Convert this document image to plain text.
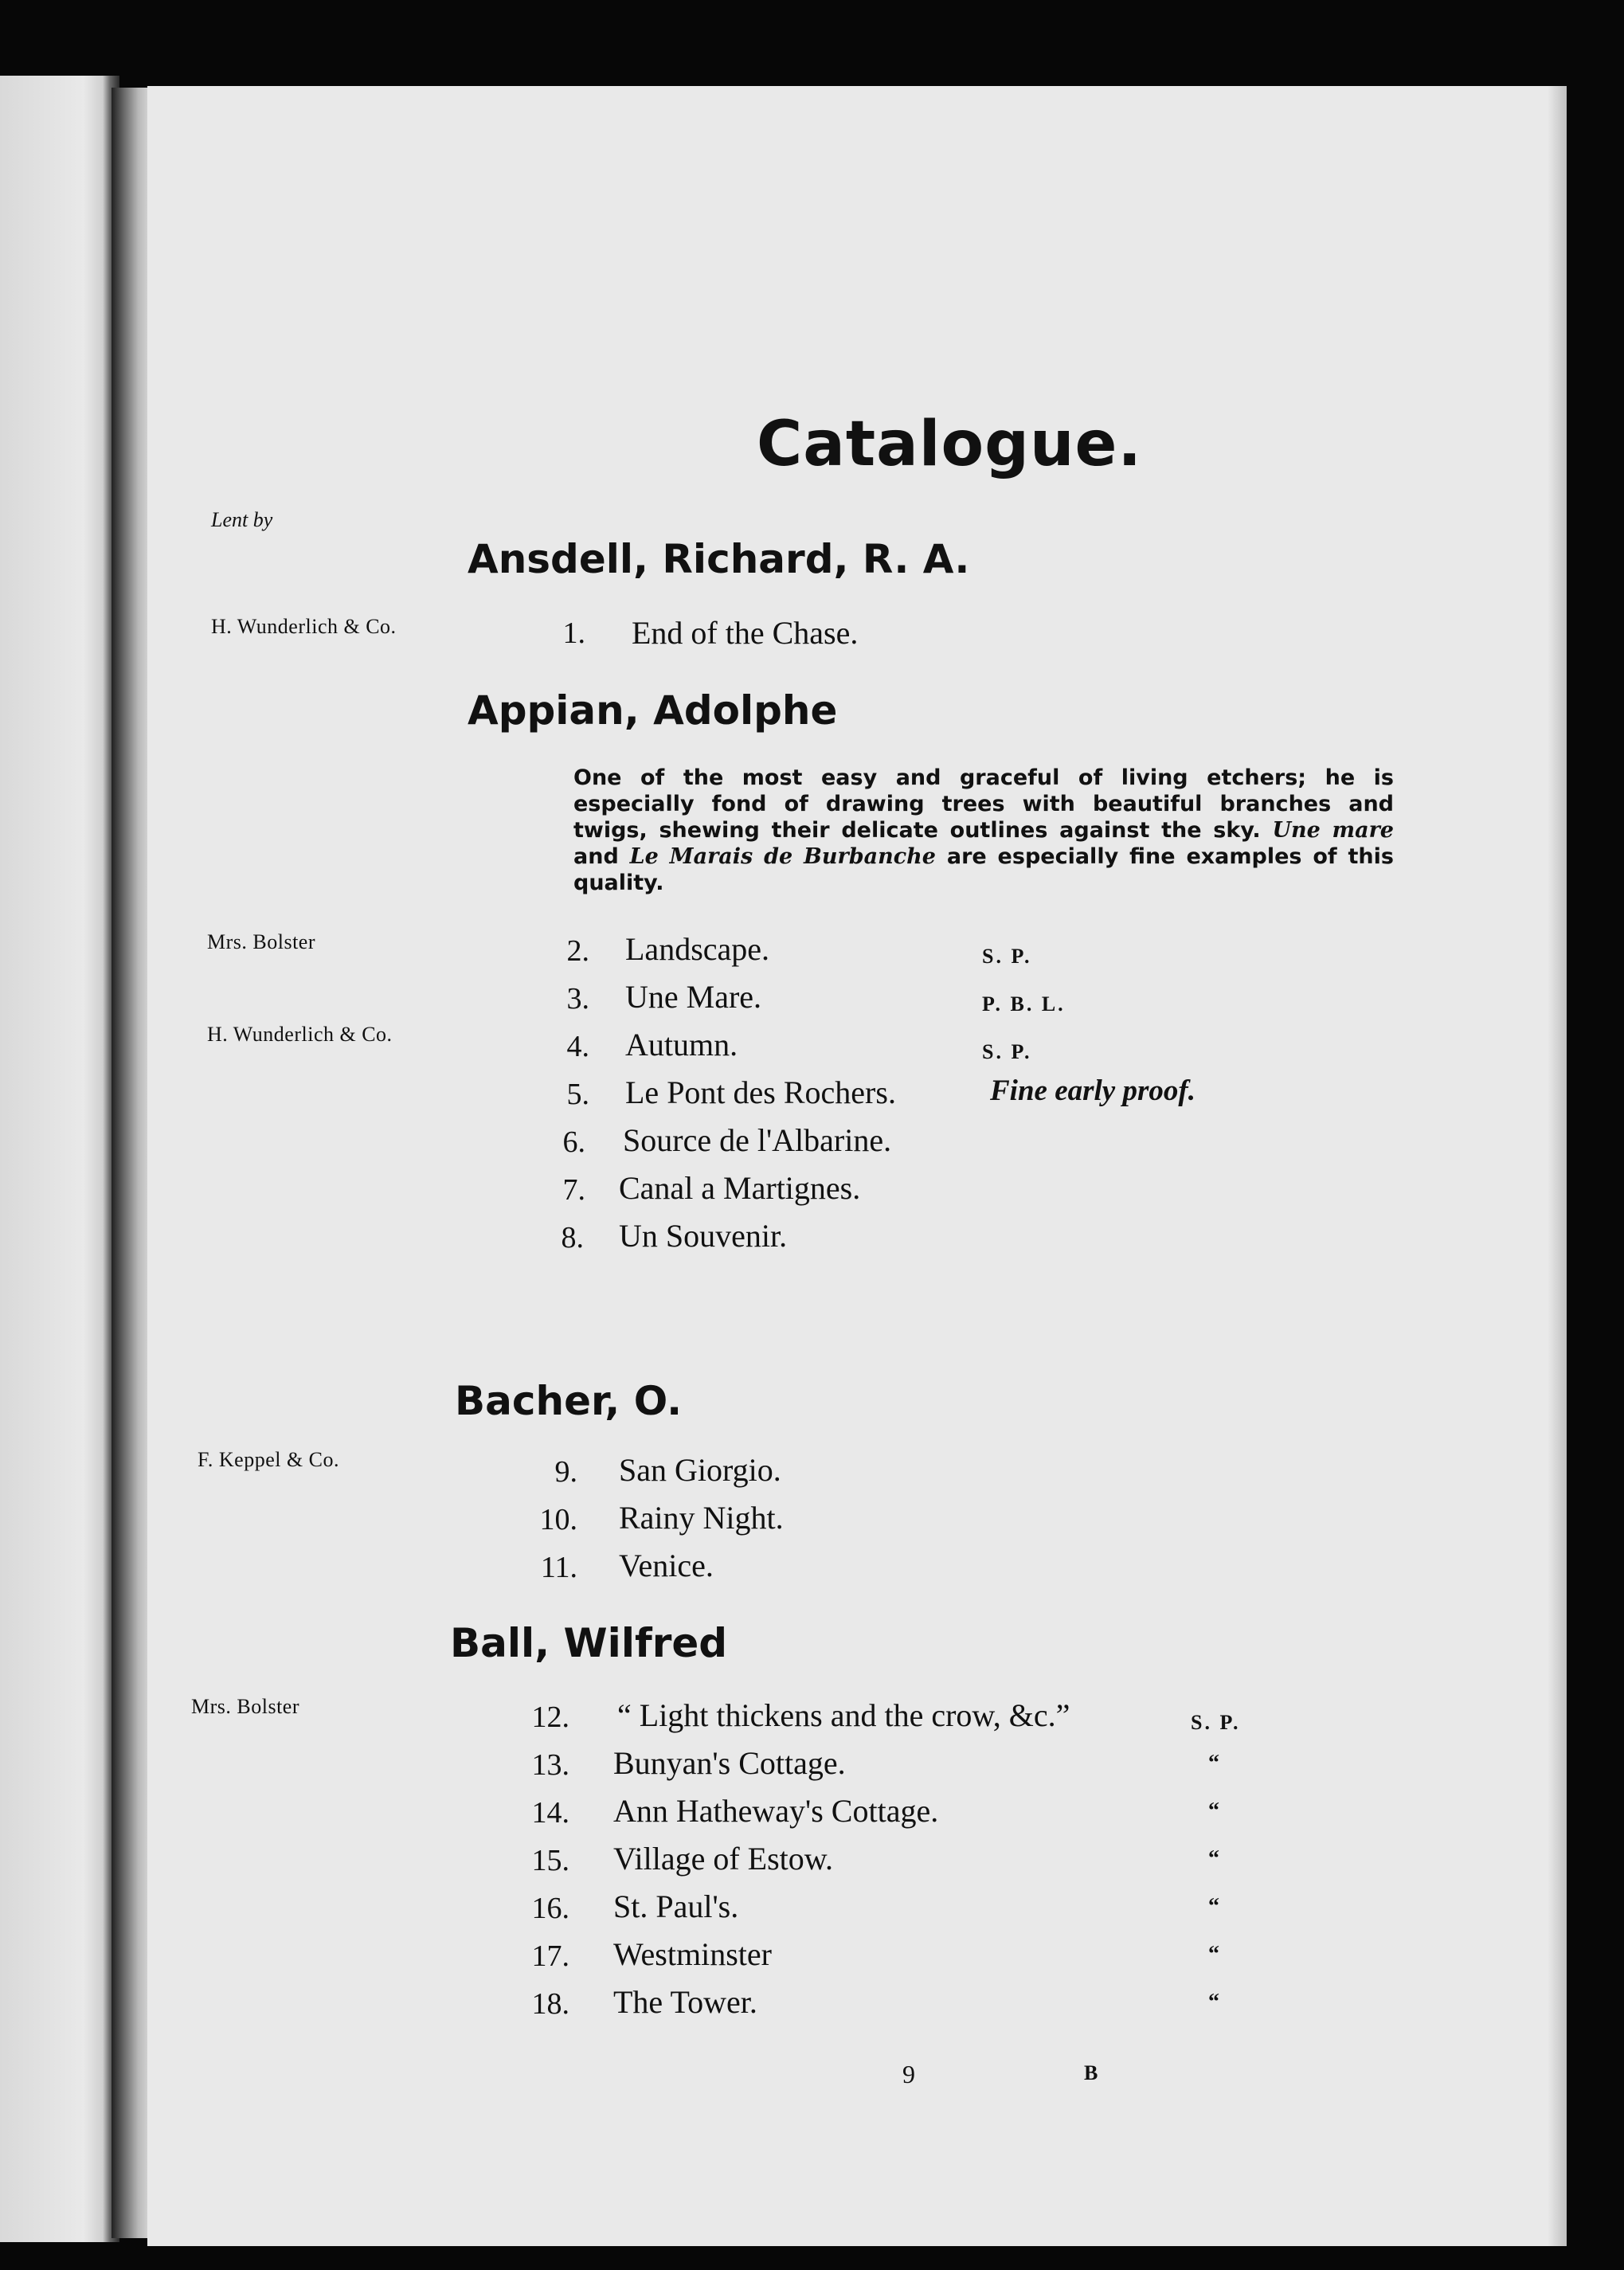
Catalogue.
Lent by
Ansdell, Richard, R. A.
H. Wunderlich & Co.	1. End of the Chase.
Appian, Adolphe
One of the most easy and graceful of living etchers; he is especially fond of drawing trees with beautiful branches and twigs, shewing their delicate outlines against the sky. Une mare and Le Marais de Burbanche are especially fine examples of this quality.
Mrs. Bolster	2. Landscape.	S. P.
3. Une Mare.	P. B. L.
H. Wunderlich & Co.	4. Autumn.	S. P.
5. Le Pont des Rochers.	Fine early proof.
6. Source de l'Albarine.
7. Canal a Martignes.
8. Un Souvenir.
Bacher, O.
F. Keppel & Co.	9. San Giorgio.
10. Rainy Night.
11. Venice.
Ball, Wilfred
Mrs. Bolster	12. “ Light thickens and the crow, &c.”	S. P.
13. Bunyan's Cottage.	“
14. Ann Hatheway's Cottage.	“
15. Village of Estow.	“
16. St. Paul's.	“
17. Westminster	“
18. The Tower.	“
9	B
